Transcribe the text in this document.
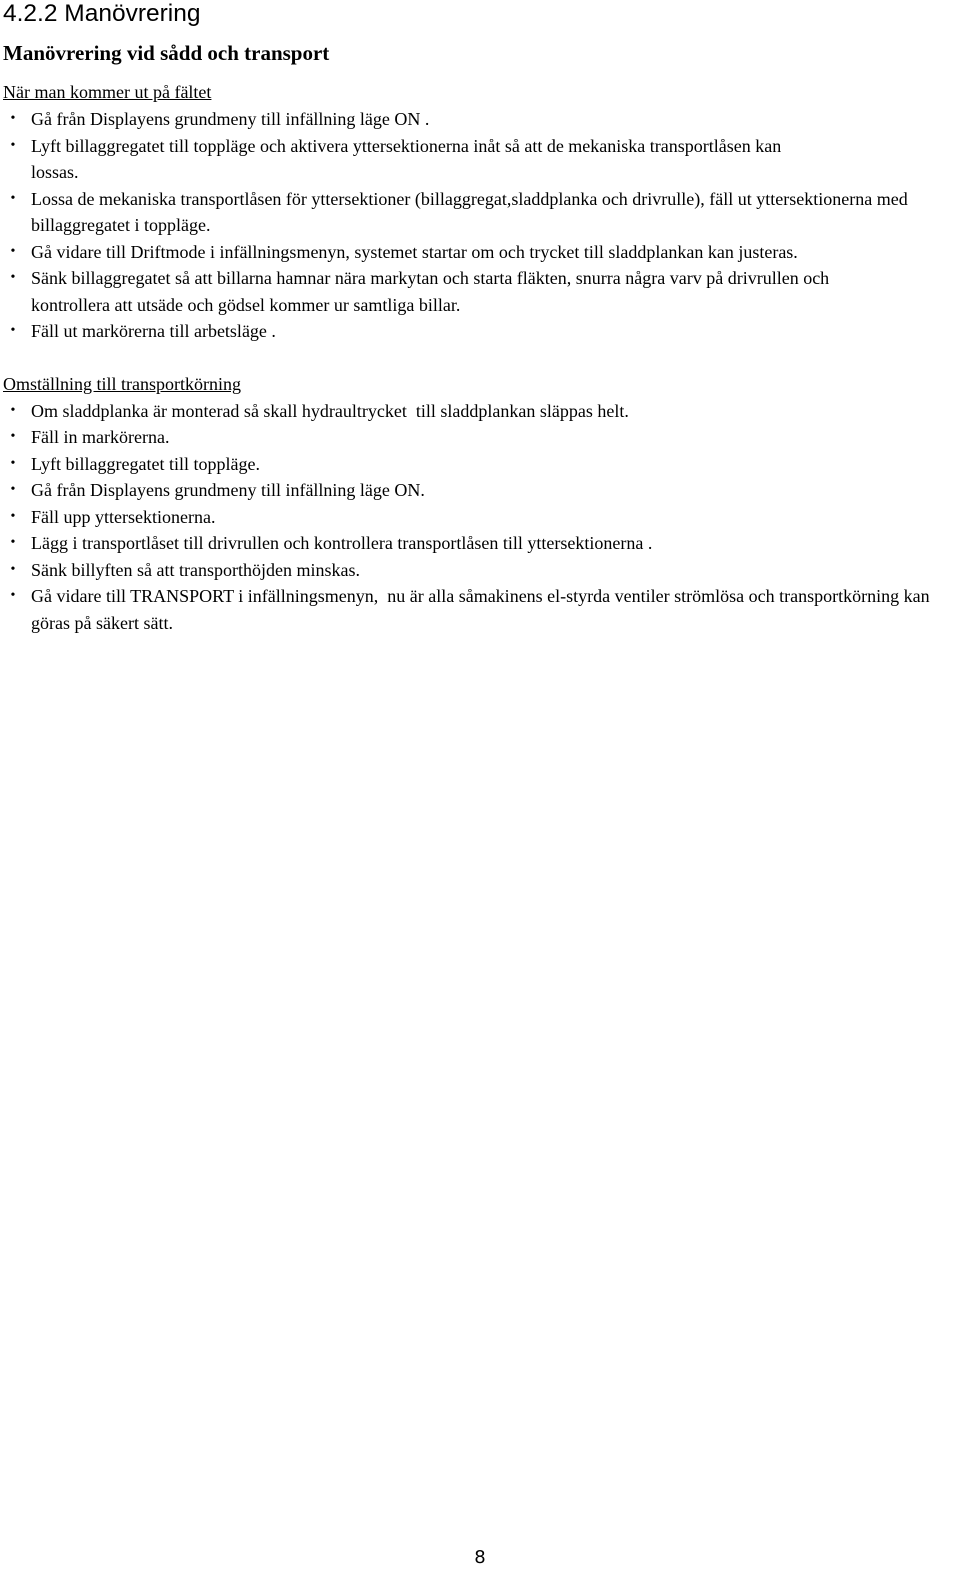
4.2.2 Manövrering
Manövrering vid sådd och transport
När man kommer ut på fältet
• Gå från Displayens grundmeny till infällning läge ON .
• Lyft billaggregatet till toppläge och aktivera yttersektionerna inåt så att de mekaniska transportlåsen kan lossas.
• Lossa de mekaniska transportlåsen för yttersektioner (billaggregat,sladdplanka och drivrulle), fäll ut yttersektionerna med billaggregatet i toppläge.
• Gå vidare till Driftmode i infällningsmenyn, systemet startar om och trycket till sladdplankan kan justeras.
• Sänk billaggregatet så att billarna hamnar nära markytan och starta fläkten, snurra några varv på drivrullen och kontrollera att utsäde och gödsel kommer ur samtliga billar.
• Fäll ut markörerna till arbetsläge .
Omställning till transportkörning
• Om sladdplanka är monterad så skall hydraultrycket  till sladdplankan släppas helt.
• Fäll in markörerna.
• Lyft billaggregatet till toppläge.
• Gå från Displayens grundmeny till infällning läge ON.
• Fäll upp yttersektionerna.
• Lägg i transportlåset till drivrullen och kontrollera transportlåsen till yttersektionerna .
• Sänk billyften så att transporthöjden minskas.
• Gå vidare till TRANSPORT i infällningsmenyn,  nu är alla såmakinens el-styrda ventiler strömlösa och transportkörning kan göras på säkert sätt.
8
